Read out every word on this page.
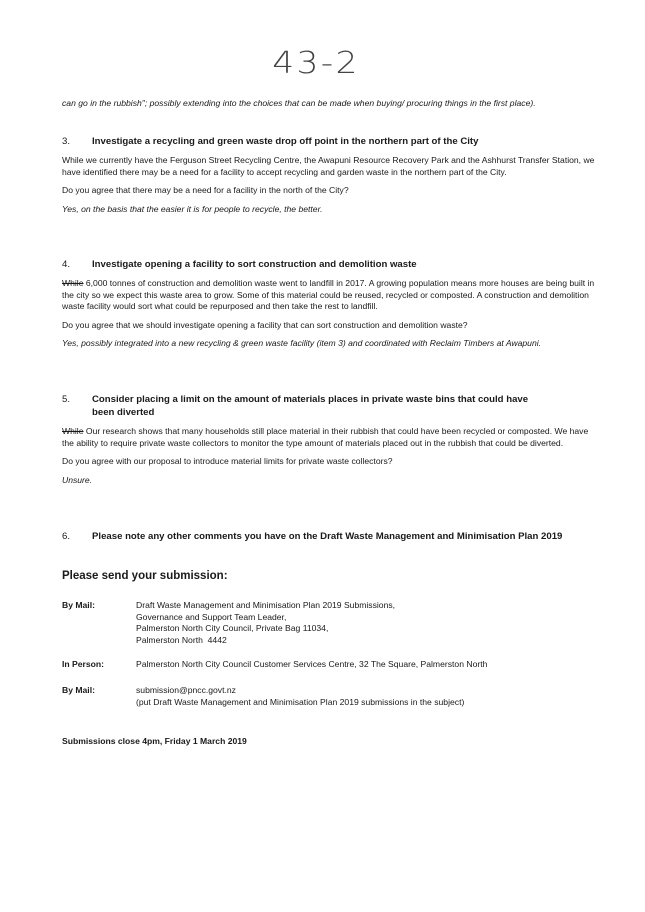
43-2
can go in the rubbish"; possibly extending into the choices that can be made when buying/ procuring things in the first place).
3.	Investigate a recycling and green waste drop off point in the northern part of the City

While we currently have the Ferguson Street Recycling Centre, the Awapuni Resource Recovery Park and the Ashhurst Transfer Station, we have identified there may be a need for a facility to accept recycling and garden waste in the northern part of the City.

Do you agree that there may be a need for a facility in the north of the City?

Yes, on the basis that the easier it is for people to recycle, the better.

4.	Investigate opening a facility to sort construction and demolition waste

While 6,000 tonnes of construction and demolition waste went to landfill in 2017. A growing population means more houses are being built in the city so we expect this waste area to grow. Some of this material could be reused, recycled or composted. A construction and demolition waste facility would sort what could be repurposed and then take the rest to landfill.

Do you agree that we should investigate opening a facility that can sort construction and demolition waste?

Yes, possibly integrated into a new recycling & green waste facility (item 3) and coordinated with Reclaim Timbers at Awapuni.

5.	Consider placing a limit on the amount of materials places in private waste bins that could have been diverted

While Our research shows that many households still place material in their rubbish that could have been recycled or composted. We have the ability to require private waste collectors to monitor the type amount of materials placed out in the rubbish that could be diverted.

Do you agree with our proposal to introduce material limits for private waste collectors?

Unsure.

6.	Please note any other comments you have on the Draft Waste Management and Minimisation Plan 2019
Please send your submission:
By Mail:	Draft Waste Management and Minimisation Plan 2019 Submissions,
Governance and Support Team Leader,
Palmerston North City Council, Private Bag 11034,
Palmerston North  4442
In Person:	Palmerston North City Council Customer Services Centre, 32 The Square, Palmerston North
By Mail:	submission@pncc.govt.nz
(put Draft Waste Management and Minimisation Plan 2019 submissions in the subject)
Submissions close 4pm, Friday 1 March 2019
